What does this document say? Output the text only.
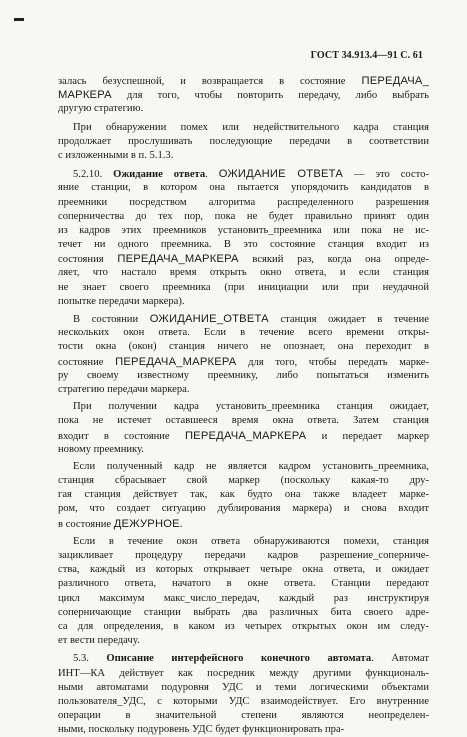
ГОСТ 34.913.4—91 С. 61
залась безуспешной, и возвращается в состояние ПЕРЕДАЧА_
МАРКЕРА для того, чтобы повторить передачу, либо выбрать
другую стратегию.
При обнаружении помех или недействительного кадра станция
продолжает прослушивать последующие передачи в соответствии
с изложенными в п. 5.1.3.
5.2.10. Ожидание ответа. ОЖИДАНИЕ ОТВЕТА — это состо-
яние станции, в котором она пытается упорядочить кандидатов в
преемники посредством алгоритма распределенного разрешения
соперничества до тех пор, пока не будет правильно принят один
из кадров этих преемников установить_преемника или пока не ис-
течет ни одного преемника. В это состояние станция входит из
состояния ПЕРЕДАЧА_МАРКЕРА всякий раз, когда она опреде-
ляет, что настало время открыть окно ответа, и если станция
не знает своего преемника (при инициации или при неудачной
попытке передачи маркера).
В состоянии ОЖИДАНИЕ_ОТВЕТА станция ожидает в течение
нескольких окон ответа. Если в течение всего времени откры-
тости окна (окон) станция ничего не опознает, она переходит в
состояние ПЕРЕДАЧА_МАРКЕРА для того, чтобы передать марке-
ру своему известному преемнику, либо попытаться изменить
стратегию передачи маркера.
При получении кадра установить_преемника станция ожидает,
пока не истечет оставшееся время окна ответа. Затем станция
входит в состояние ПЕРЕДАЧА_МАРКЕРА и передает маркер
новому преемнику.
Если полученный кадр не является кадром установить_преемника,
станция сбрасывает свой маркер (поскольку какая-то дру-
гая станция действует так, как будто она также владеет марке-
ром, что создает ситуацию дублирования маркера) и снова входит
в состояние ДЕЖУРНОЕ.
Если в течение окон ответа обнаруживаются помехи, станция
зацикливает процедуру передачи кадров разрешение_соперниче-
ства, каждый из которых открывает четыре окна ответа, и ожидает
различного ответа, начатого в окне ответа. Станции передают
цикл максимум макс_число_передач, каждый раз инструктируя
соперничающие станции выбрать два различных бита своего адре-
са для определения, в каком из четырех открытых окон им следу-
ет вести передачу.
5.3. Описание интерфейсного конечного автомата. Автомат
ИНТ—КА действует как посредник между другими функциональ-
ными автоматами подуровня УДС и теми логическими объектами
пользователя_УДС, с которыми УДС взаимодействует. Его внутренние
операции в значительной степени являются неопределен-
ными, поскольку подуровень УДС будет функционировать пра-
